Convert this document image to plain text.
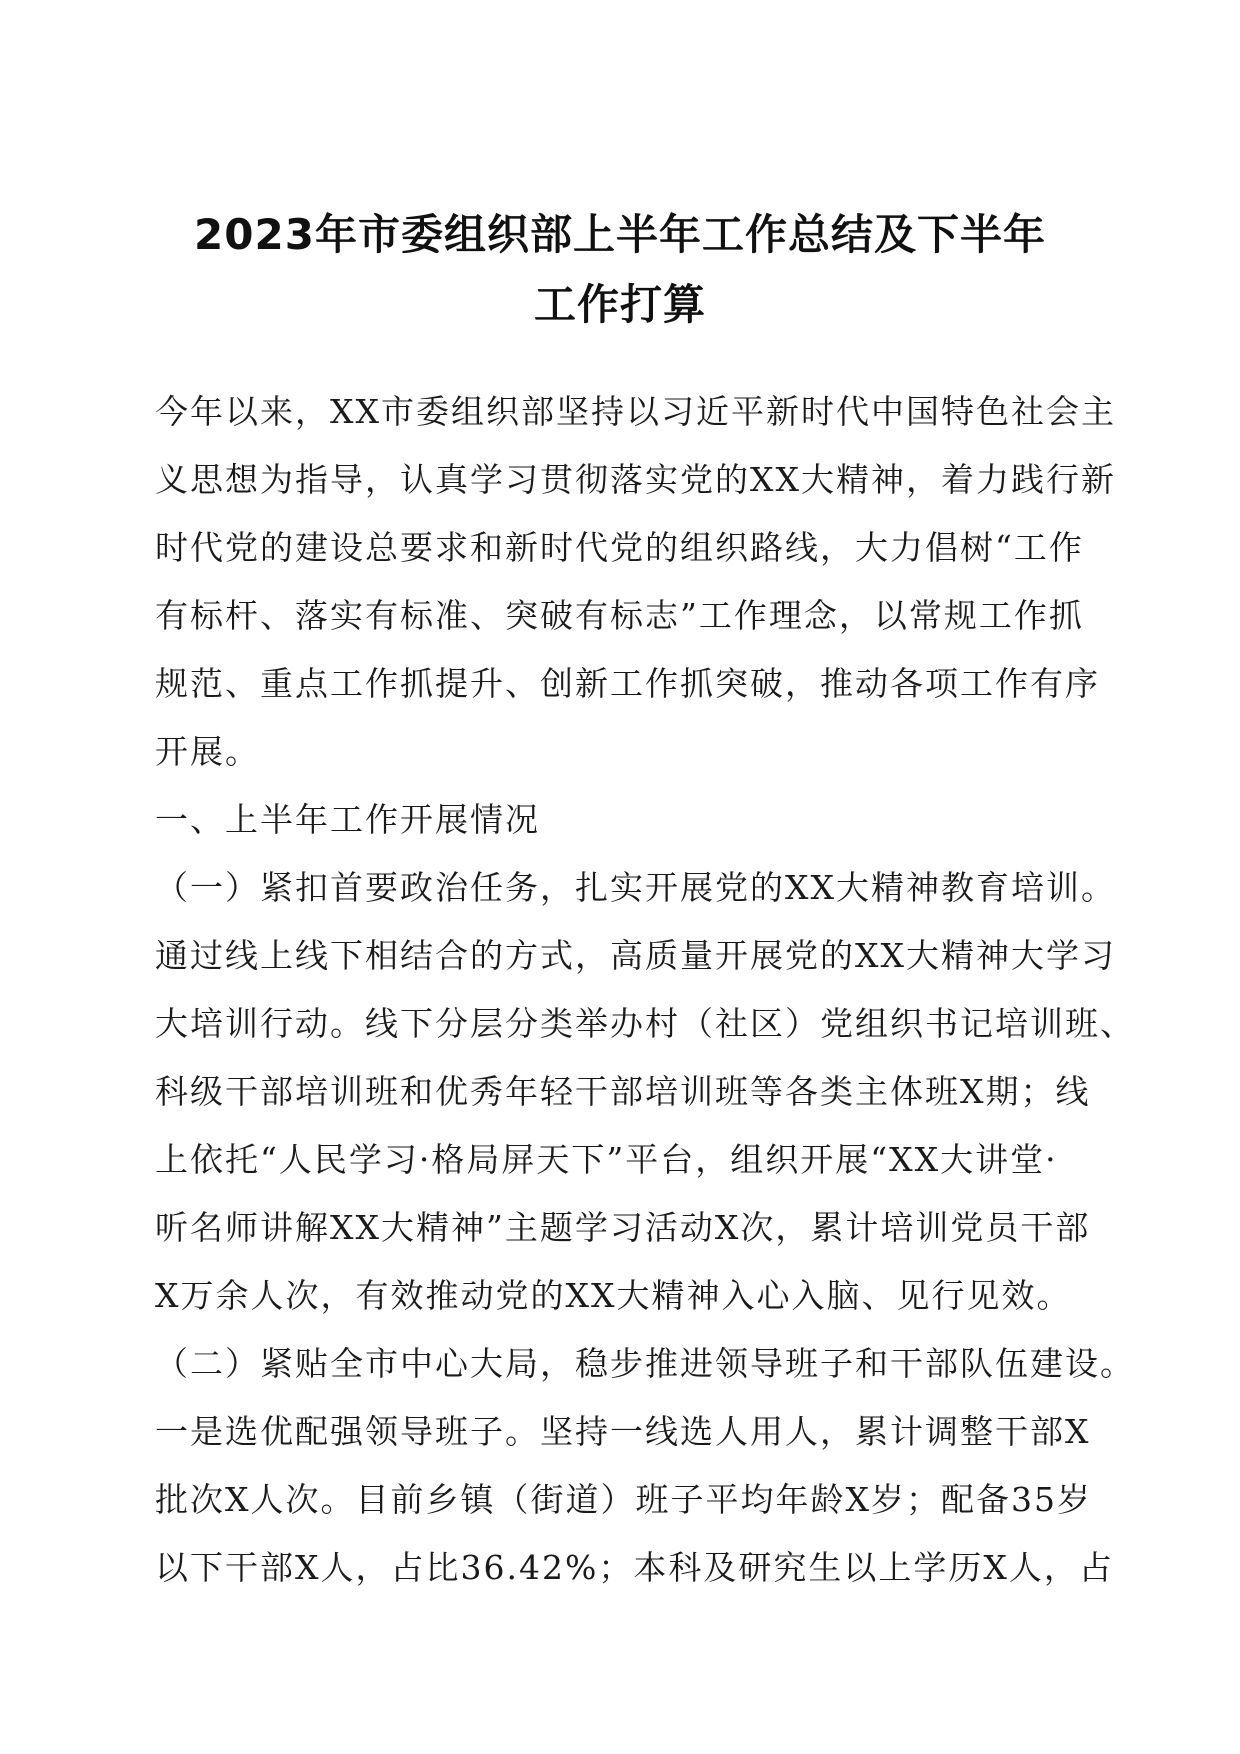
2023年市委组织部上半年工作总结及下半年
工作打算
今年以来，XX市委组织部坚持以习近平新时代中国特色社会主
义思想为指导，认真学习贯彻落实党的XX大精神，着力践行新
时代党的建设总要求和新时代党的组织路线，大力倡树“工作
有标杆、落实有标准、突破有标志”工作理念，以常规工作抓
规范、重点工作抓提升、创新工作抓突破，推动各项工作有序
开展。
一、上半年工作开展情况
（一）紧扣首要政治任务，扎实开展党的XX大精神教育培训。
通过线上线下相结合的方式，高质量开展党的XX大精神大学习
大培训行动。线下分层分类举办村（社区）党组织书记培训班、
科级干部培训班和优秀年轻干部培训班等各类主体班X期；线
上依托“人民学习·格局屏天下”平台，组织开展“XX大讲堂·
听名师讲解XX大精神”主题学习活动X次，累计培训党员干部
X万余人次，有效推动党的XX大精神入心入脑、见行见效。
（二）紧贴全市中心大局，稳步推进领导班子和干部队伍建设。
一是选优配强领导班子。坚持一线选人用人，累计调整干部X
批次X人次。目前乡镇（街道）班子平均年龄X岁；配备35岁
以下干部X人，占比36.42%；本科及研究生以上学历X人，占
